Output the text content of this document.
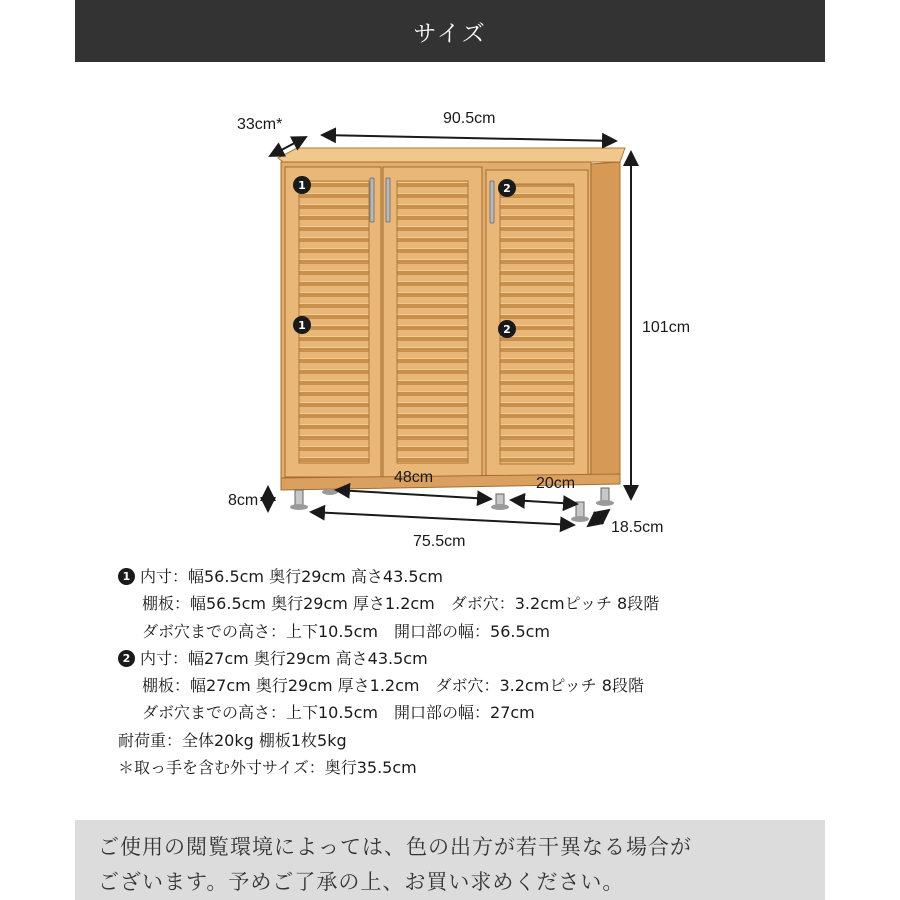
サイズ
1
1
2
2
33cm*	90.5cm
101cm
48cm	20cm
8cm
75.5cm
18.5cm
1 内寸：幅56.5cm 奥行29cm 高さ43.5cm
棚板：幅56.5cm 奥行29cm 厚さ1.2cm　ダボ穴：3.2cmピッチ 8段階
ダボ穴までの高さ：上下10.5cm　開口部の幅：56.5cm
2 内寸：幅27cm 奥行29cm 高さ43.5cm
棚板：幅27cm 奥行29cm 厚さ1.2cm　ダボ穴：3.2cmピッチ 8段階
ダボ穴までの高さ：上下10.5cm　開口部の幅：27cm
耐荷重：全体20kg 棚板1枚5kg
＊取っ手を含む外寸サイズ：奥行35.5cm
ご使用の閲覧環境によっては、色の出方が若干異なる場合が
ございます。予めご了承の上、お買い求めください。
